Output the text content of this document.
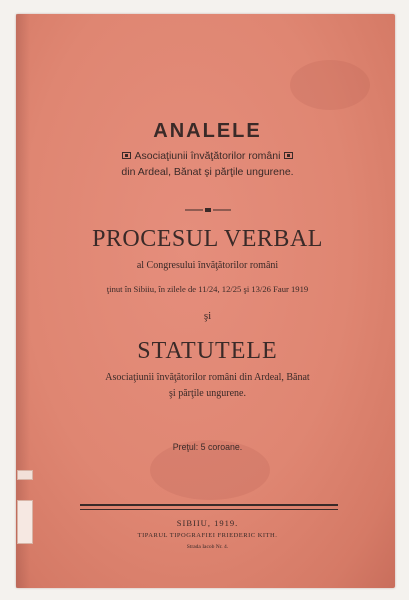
ANALELE
Asociaţiunii învăţătorilor români
din Ardeal, Bănat şi părţile ungurene.
PROCESUL VERBAL
al Congresului învăţătorilor români
ţinut în Sibiiu, în zilele de 11/24, 12/25 şi 13/26 Faur 1919
şi
STATUTELE
Asociaţiunii învăţătorilor români din Ardeal, Bănat
şi părţile ungurene.
Preţul: 5 coroane.
SIBIIU, 1919.
TIPARUL TIPOGRAFIEI FRIEDERIC KITH.
Strada Iacob Nr. 4.
